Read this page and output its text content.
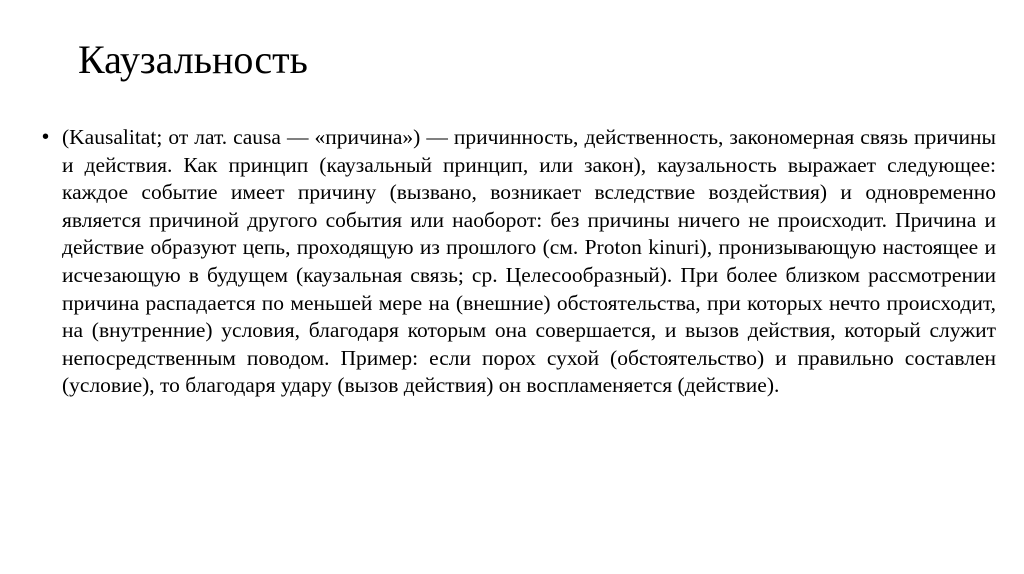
Каузальность
• (Kausalitat; от лат. causa — «причина») — причинность, действенность, закономерная связь причины и действия. Как принцип (каузальный принцип, или закон), каузальность выражает следующее: каждое событие имеет причину (вызвано, возникает вследствие воздействия) и одновременно является причиной другого события или наоборот: без причины ничего не происходит. Причина и действие образуют цепь, проходящую из прошлого (см. Proton kinuri), пронизывающую настоящее и исчезающую в будущем (каузальная связь; ср. Целесообразный). При более близком рассмотрении причина распадается по меньшей мере на (внешние) обстоятельства, при которых нечто происходит, на (внутренние) условия, благодаря которым она совершается, и вызов действия, который служит непосредственным поводом. Пример: если порох сухой (обстоятельство) и правильно составлен (условие), то благодаря удару (вызов действия) он воспламеняется (действие).
